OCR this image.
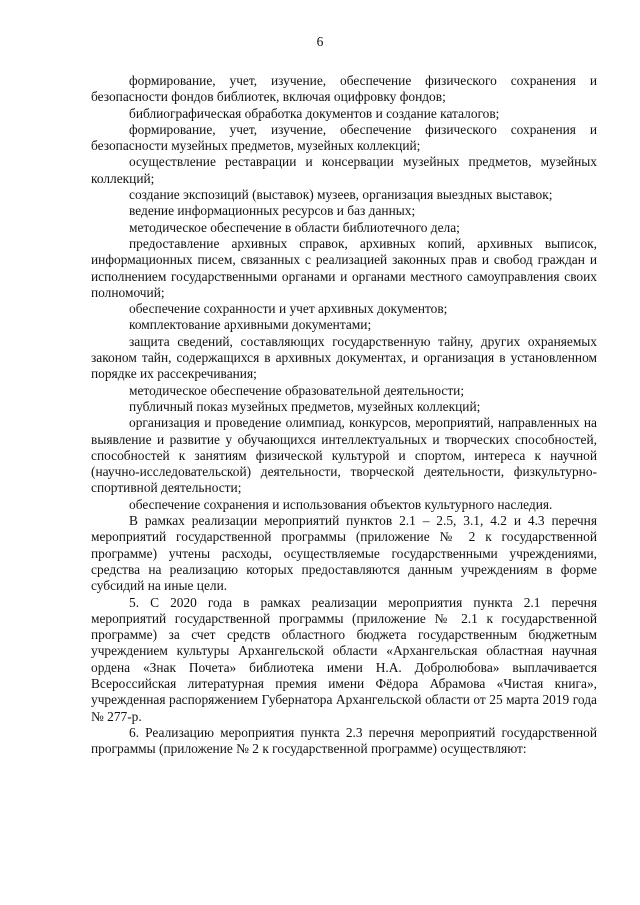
6

формирование, учет, изучение, обеспечение физического сохранения и безопасности фондов библиотек, включая оцифровку фондов;

библиографическая обработка документов и создание каталогов;

формирование, учет, изучение, обеспечение физического сохранения и безопасности музейных предметов, музейных коллекций;

осуществление реставрации и консервации музейных предметов, музейных коллекций;

создание экспозиций (выставок) музеев, организация выездных выставок;

ведение информационных ресурсов и баз данных;

методическое обеспечение в области библиотечного дела;

предоставление архивных справок, архивных копий, архивных выписок, информационных писем, связанных с реализацией законных прав и свобод граждан и исполнением государственными органами и органами местного самоуправления своих полномочий;

обеспечение сохранности и учет архивных документов;

комплектование архивными документами;

защита сведений, составляющих государственную тайну, других охраняемых законом тайн, содержащихся в архивных документах, и организация в установленном порядке их рассекречивания;

методическое обеспечение образовательной деятельности;

публичный показ музейных предметов, музейных коллекций;

организация и проведение олимпиад, конкурсов, мероприятий, направленных на выявление и развитие у обучающихся интеллектуальных и творческих способностей, способностей к занятиям физической культурой и спортом, интереса к научной (научно-исследовательской) деятельности, творческой деятельности, физкультурно-спортивной деятельности;

обеспечение сохранения и использования объектов культурного наследия.

В рамках реализации мероприятий пунктов 2.1 – 2.5, 3.1, 4.2 и 4.3 перечня мероприятий государственной программы (приложение № 2 к государственной программе) учтены расходы, осуществляемые государственными учреждениями, средства на реализацию которых предоставляются данным учреждениям в форме субсидий на иные цели.

5. С 2020 года в рамках реализации мероприятия пункта 2.1 перечня мероприятий государственной программы (приложение № 2.1 к государственной программе) за счет средств областного бюджета государственным бюджетным учреждением культуры Архангельской области «Архангельская областная научная ордена «Знак Почета» библиотека имени Н.А. Добролюбова» выплачивается Всероссийская литературная премия имени Фёдора Абрамова «Чистая книга», учрежденная распоряжением Губернатора Архангельской области от 25 марта 2019 года № 277-р.

6. Реализацию мероприятия пункта 2.3 перечня мероприятий государственной программы (приложение № 2 к государственной программе) осуществляют:
